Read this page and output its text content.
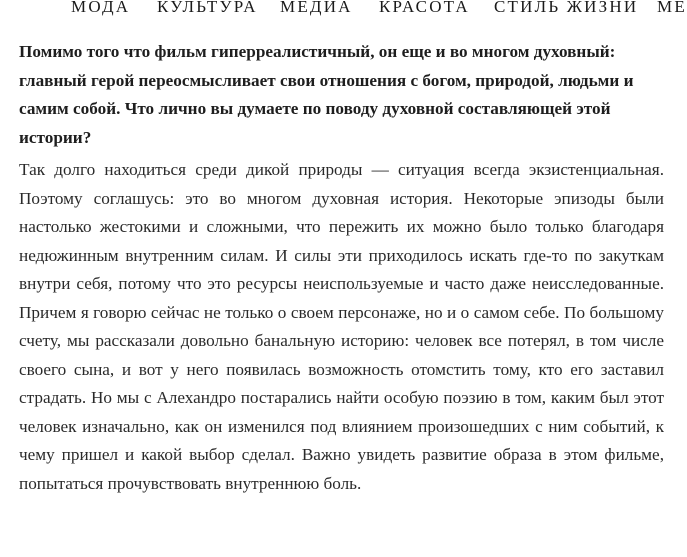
МОДА КУЛЬТУРА МЕДИА КРАСОТА СТИЛЬ ЖИЗНИ МЕ

Помимо того что фильм гиперреалистичный, он еще и во многом духовный: главный герой переосмысливает свои отношения с богом, природой, людьми и самим собой. Что лично вы думаете по поводу духовной составляющей этой истории?

Так долго находиться среди дикой природы — ситуация всегда экзистенциальная. Поэтому соглашусь: это во многом духовная история. Некоторые эпизоды были настолько жестокими и сложными, что пережить их можно было только благодаря недюжинным внутренним силам. И силы эти приходилось искать где-то по закуткам внутри себя, потому что это ресурсы неиспользуемые и часто даже неисследованные. Причем я говорю сейчас не только о своем персонаже, но и о самом себе. По большому счету, мы рассказали довольно банальную историю: человек все потерял, в том числе своего сына, и вот у него появилась возможность отомстить тому, кто его заставил страдать. Но мы с Алехандро постарались найти особую поэзию в том, каким был этот человек изначально, как он изменился под влиянием произошедших с ним событий, к чему пришел и какой выбор сделал. Важно увидеть развитие образа в этом фильме, попытаться прочувствовать внутреннюю боль.
